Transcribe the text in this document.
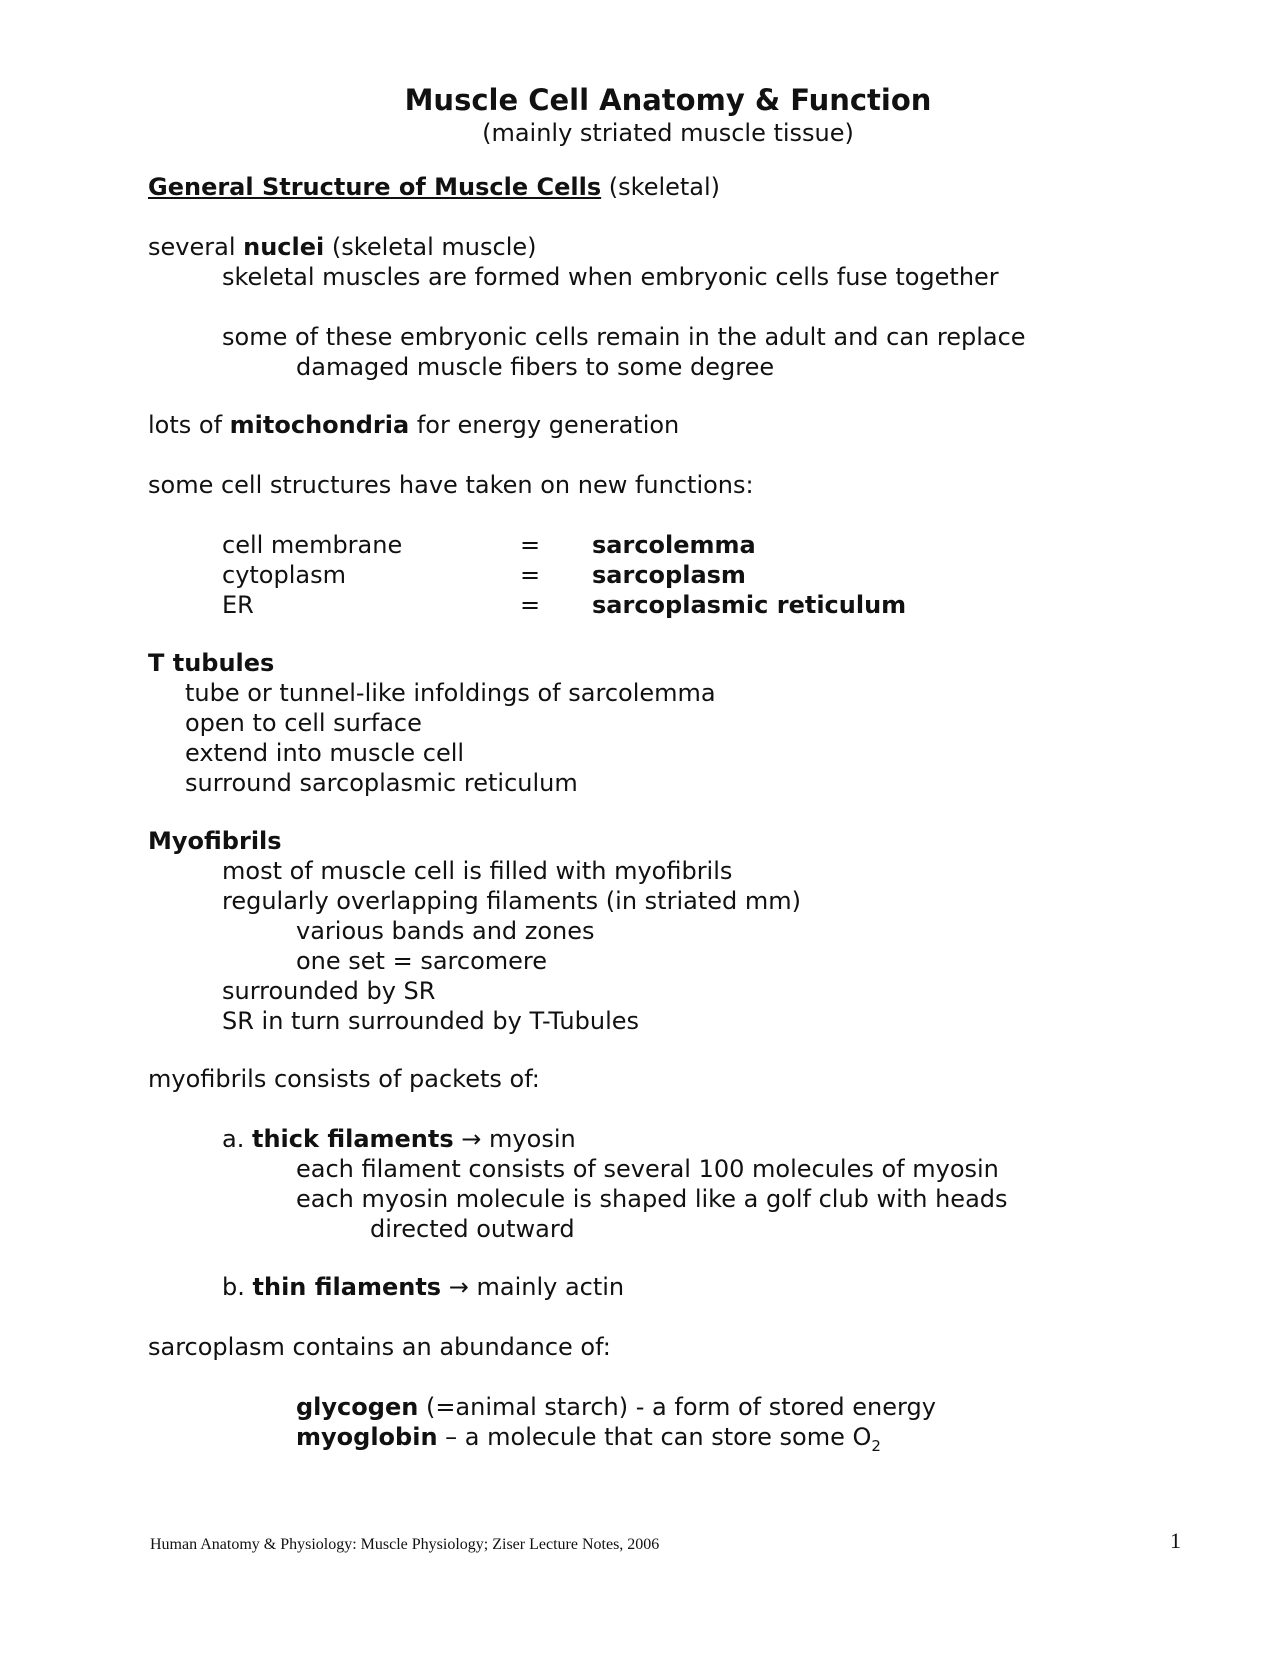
Muscle Cell Anatomy & Function
(mainly striated muscle tissue)
General Structure of Muscle Cells (skeletal)
several nuclei (skeletal muscle)
skeletal muscles are formed when embryonic cells fuse together
some of these embryonic cells remain in the adult and can replace
damaged muscle fibers to some degree
lots of mitochondria for energy generation
some cell structures have taken on new functions:
cell membrane	= sarcolemma
cytoplasm	= sarcoplasm
ER	= sarcoplasmic reticulum
T tubules
tube or tunnel-like infoldings of sarcolemma
open to cell surface
extend into muscle cell
surround sarcoplasmic reticulum
Myofibrils
most of muscle cell is filled with myofibrils
regularly overlapping filaments (in striated mm)
various bands and zones
one set = sarcomere
surrounded by SR
SR in turn surrounded by T-Tubules
myofibrils consists of packets of:
a. thick filaments → myosin
each filament consists of several 100 molecules of myosin
each myosin molecule is shaped like a golf club with heads
directed outward
b. thin filaments → mainly actin
sarcoplasm contains an abundance of:
glycogen (=animal starch) - a form of stored energy
myoglobin – a molecule that can store some $O_2$
Human Anatomy & Physiology: Muscle Physiology; Ziser Lecture Notes, 2006	1
